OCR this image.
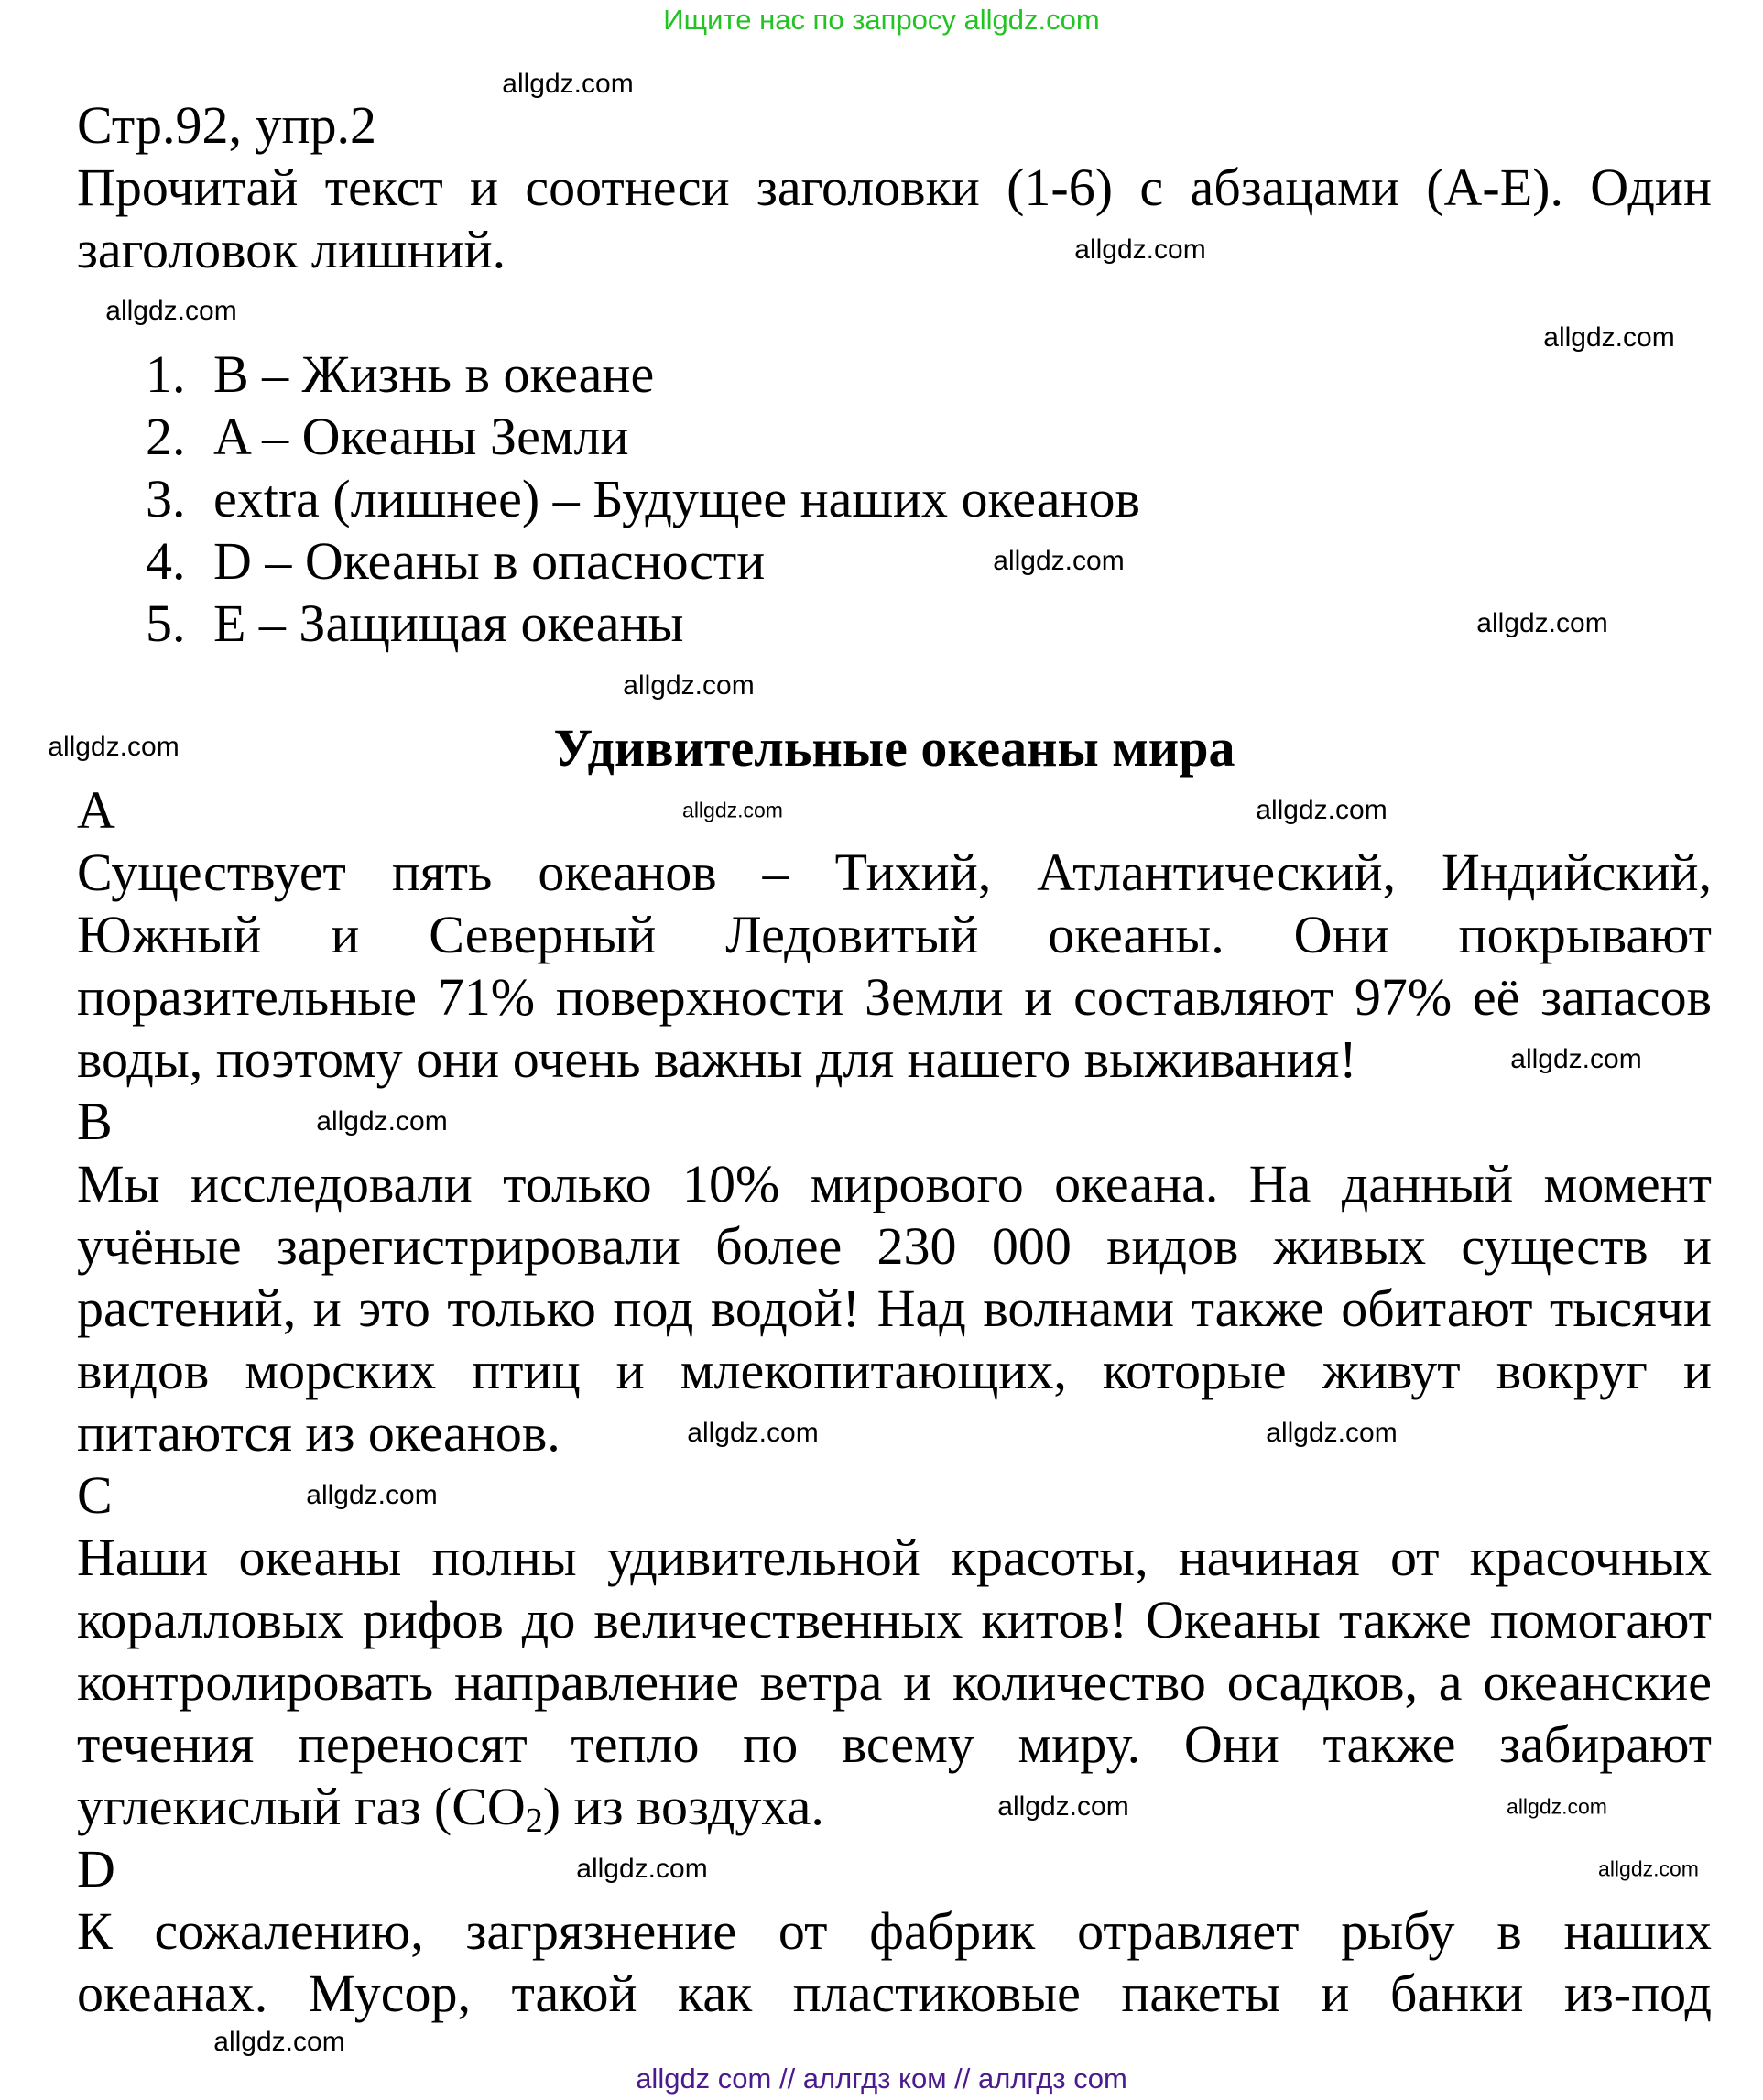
Ищите нас по запросу allgdz.com
Стр.92, упр.2
Прочитай текст и соотнеси заголовки (1-6) с абзацами (А-Е). Один
заголовок лишний.
1. B – Жизнь в океане
2. A – Океаны Земли
3. extra (лишнее) – Будущее наших океанов
4. D – Океаны в опасности
5. E – Защищая океаны
Удивительные океаны мира
A
Существует пять океанов – Тихий, Атлантический, Индийский,
Южный и Северный Ледовитый океаны. Они покрывают
поразительные 71% поверхности Земли и составляют 97% её запасов
воды, поэтому они очень важны для нашего выживания!
B
Мы исследовали только 10% мирового океана. На данный момент
учёные зарегистрировали более 230 000 видов живых существ и
растений, и это только под водой! Над волнами также обитают тысячи
видов морских птиц и млекопитающих, которые живут вокруг и
питаются из океанов.
C
Наши океаны полны удивительной красоты, начиная от красочных
коралловых рифов до величественных китов! Океаны также помогают
контролировать направление ветра и количество осадков, а океанские
течения переносят тепло по всему миру. Они также забирают
углекислый газ $(CO_2)$ из воздуха.
D
К сожалению, загрязнение от фабрик отравляет рыбу в наших
океанах. Мусор, такой как пластиковые пакеты и банки из-под
allgdz.com
allgdz.com
allgdz.com
allgdz.com
allgdz.com
allgdz.com
allgdz.com
allgdz.com
allgdz.com
allgdz.com
allgdz.com
allgdz.com
allgdz.com
allgdz.com
allgdz.com
allgdz.com
allgdz.com
allgdz.com	allgdz.com
allgdz.com
allgdz com // аллгдз ком // аллгдз com
